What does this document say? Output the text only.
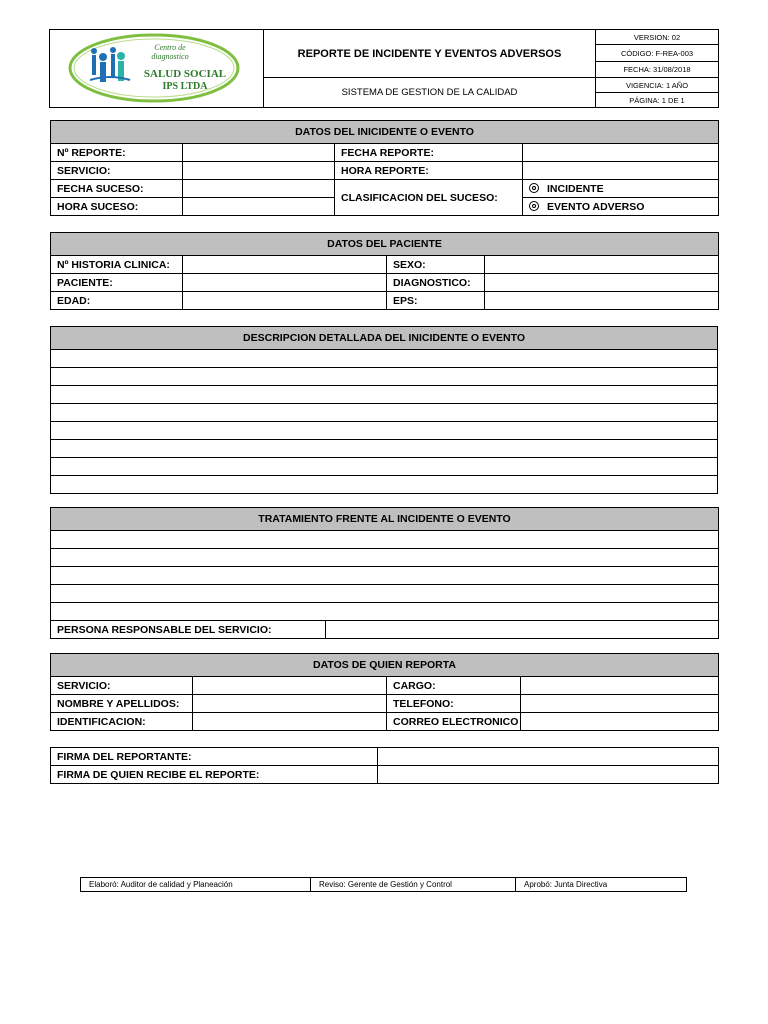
Centro de
diagnostico
SALUD SOCIAL
IPS LTDA
REPORTE DE INCIDENTE Y EVENTOS ADVERSOS
SISTEMA DE GESTION DE LA CALIDAD
VERSION: 02
CÓDIGO: F-REA-003
FECHA: 31/08/2018
VIGENCIA: 1 AÑO
PÁGINA: 1 DE 1
DATOS DEL INICIDENTE O EVENTO			
Nº REPORTE:		FECHA REPORTE:	
SERVICIO:		HORA REPORTE:	
FECHA SUCESO:		CLASIFICACION DEL SUCESO:	INCIDENTE
HORA SUCESO:			EVENTO ADVERSO
DATOS DEL PACIENTE			
Nº HISTORIA CLINICA:		SEXO:	
PACIENTE:		DIAGNOSTICO:	
EDAD:		EPS:	
DESCRIPCION DETALLADA DEL INICIDENTE O EVENTO

TRATAMIENTO FRENTE AL INCIDENTE O EVENTO

PERSONA RESPONSABLE DEL SERVICIO:	
DATOS DE QUIEN REPORTA			
SERVICIO:		CARGO:	
NOMBRE Y APELLIDOS:		TELEFONO:	
IDENTIFICACION:		CORREO ELECTRONICO	
FIRMA DEL REPORTANTE:	
FIRMA DE QUIEN RECIBE EL REPORTE:	
Elaboró: Auditor de calidad y Planeación	Reviso: Gerente de Gestión y Control	Aprobó: Junta Directiva
